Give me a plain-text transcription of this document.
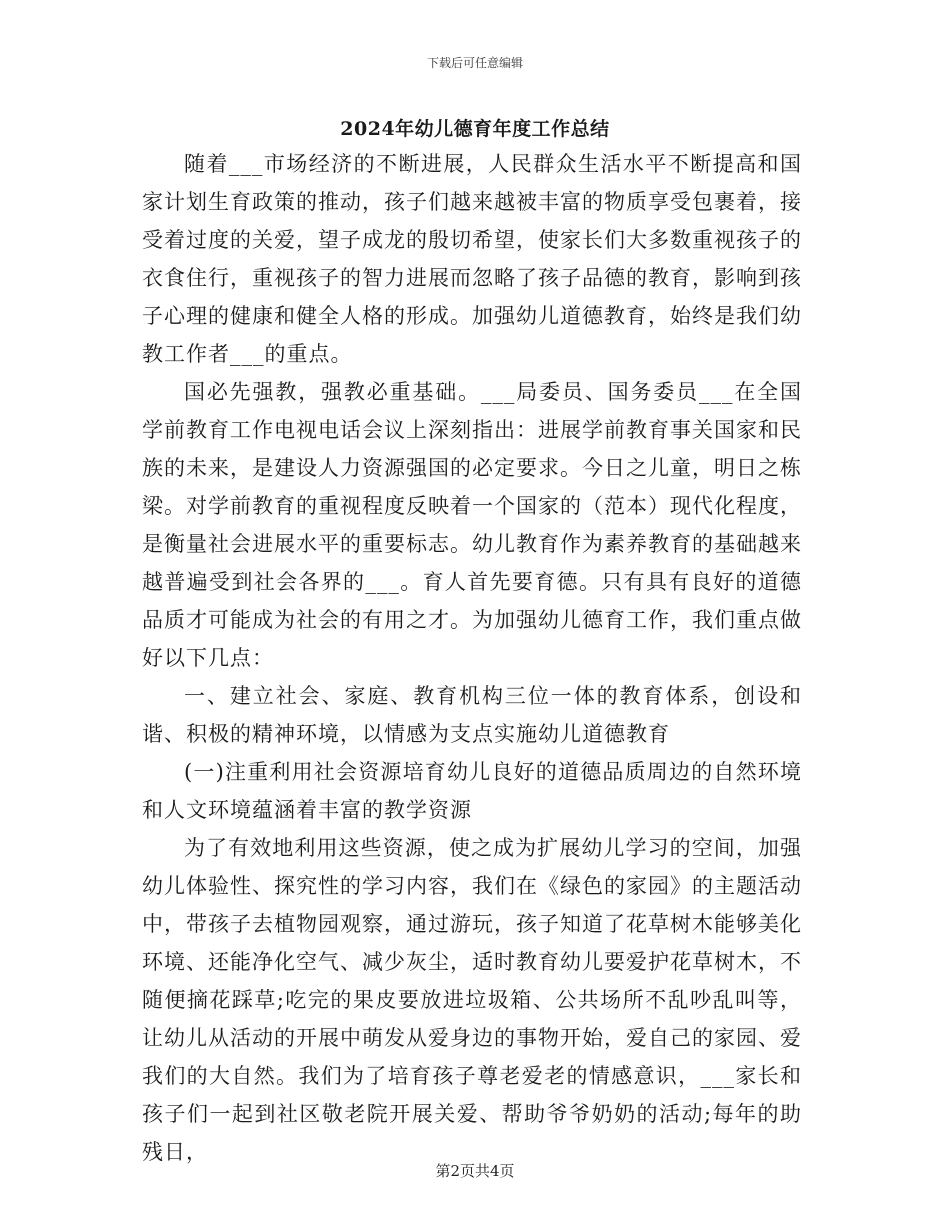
下载后可任意编辑
2024年幼儿德育年度工作总结

随着___市场经济的不断进展，人民群众生活水平不断提高和国家计划生育政策的推动，孩子们越来越被丰富的物质享受包裹着，接受着过度的关爱，望子成龙的殷切希望，使家长们大多数重视孩子的衣食住行，重视孩子的智力进展而忽略了孩子品德的教育，影响到孩子心理的健康和健全人格的形成。加强幼儿道德教育，始终是我们幼教工作者___的重点。

国必先强教，强教必重基础。___局委员、国务委员___在全国学前教育工作电视电话会议上深刻指出：进展学前教育事关国家和民族的未来，是建设人力资源强国的必定要求。今日之儿童，明日之栋梁。对学前教育的重视程度反映着一个国家的（范本）现代化程度，是衡量社会进展水平的重要标志。幼儿教育作为素养教育的基础越来越普遍受到社会各界的___。育人首先要育德。只有具有良好的道德品质才可能成为社会的有用之才。为加强幼儿德育工作，我们重点做好以下几点：

一、建立社会、家庭、教育机构三位一体的教育体系，创设和谐、积极的精神环境，以情感为支点实施幼儿道德教育

(一)注重利用社会资源培育幼儿良好的道德品质周边的自然环境和人文环境蕴涵着丰富的教学资源

为了有效地利用这些资源，使之成为扩展幼儿学习的空间，加强幼儿体验性、探究性的学习内容，我们在《绿色的家园》的主题活动中，带孩子去植物园观察，通过游玩，孩子知道了花草树木能够美化环境、还能净化空气、减少灰尘，适时教育幼儿要爱护花草树木，不随便摘花踩草;吃完的果皮要放进垃圾箱、公共场所不乱吵乱叫等，让幼儿从活动的开展中萌发从爱身边的事物开始，爱自己的家园、爱我们的大自然。我们为了培育孩子尊老爱老的情感意识，___家长和孩子们一起到社区敬老院开展关爱、帮助爷爷奶奶的活动;每年的助残日，

第2页共4页
